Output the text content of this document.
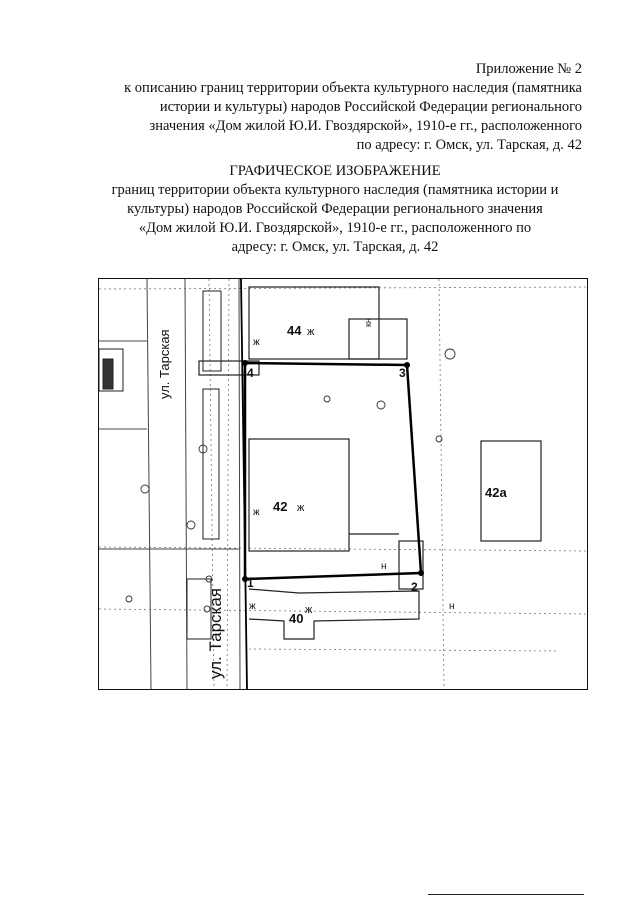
Приложение № 2
к описанию границ территории объекта культурного наследия (памятника
истории и культуры) народов Российской Федерации регионального
значения «Дом жилой Ю.И. Гвоздярской», 1910-е гг., расположенного
по адресу: г. Омск, ул. Тарская, д. 42
ГРАФИЧЕСКОЕ ИЗОБРАЖЕНИЕ
границ территории объекта культурного наследия (памятника истории и
культуры) народов Российской Федерации регионального значения
«Дом жилой Ю.И. Гвоздярской», 1910-е гг., расположенного по
адресу: г. Омск, ул. Тарская, д. 42
ул. Тарская
ул. Тарская
44 ж
42 ж
42а
40
ж
1	2
3
4
кн
ж
ж
ж
н
н
